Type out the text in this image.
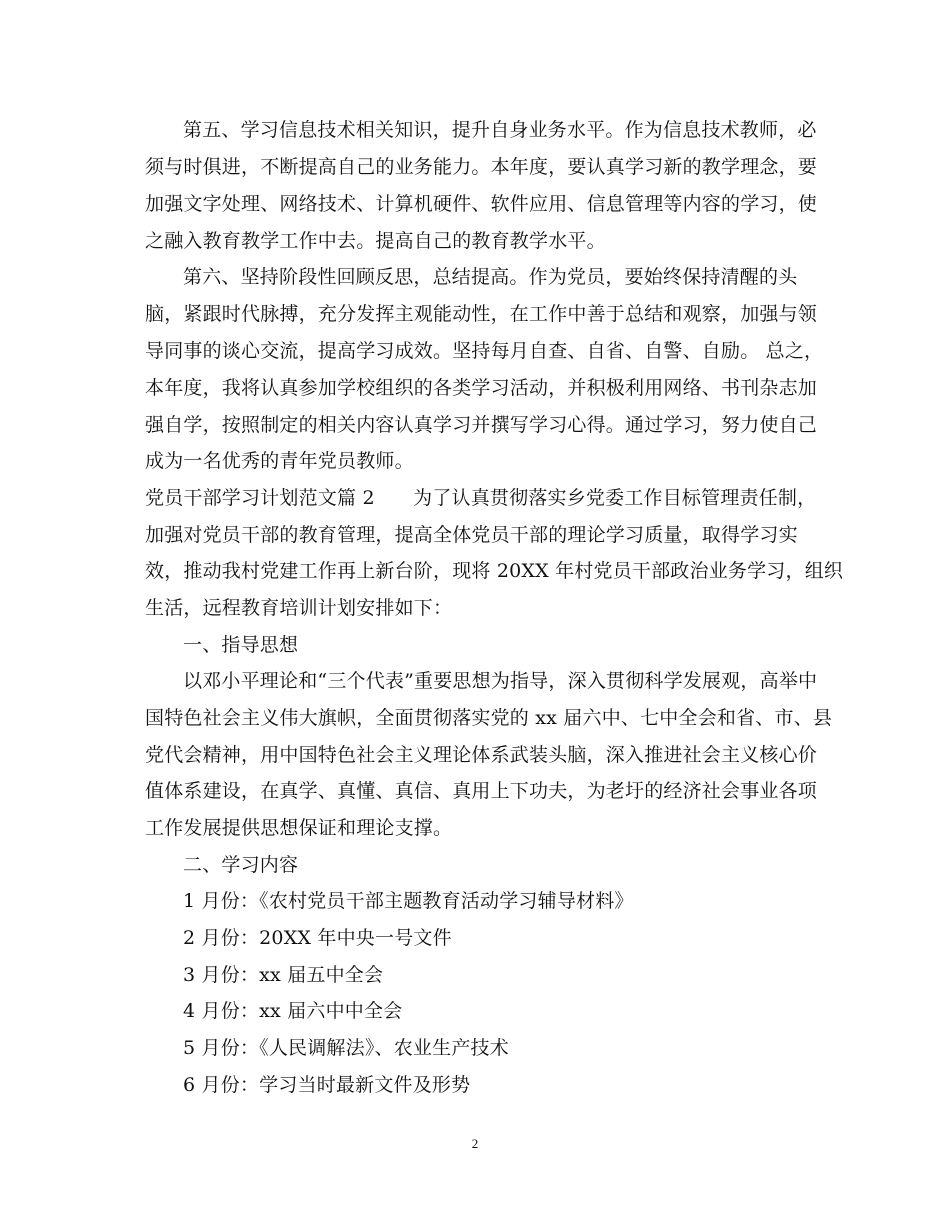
第五、学习信息技术相关知识，提升自身业务水平。作为信息技术教师，必
须与时俱进，不断提高自己的业务能力。本年度，要认真学习新的教学理念，要
加强文字处理、网络技术、计算机硬件、软件应用、信息管理等内容的学习，使
之融入教育教学工作中去。提高自己的教育教学水平。
第六、坚持阶段性回顾反思，总结提高。作为党员，要始终保持清醒的头
脑，紧跟时代脉搏，充分发挥主观能动性，在工作中善于总结和观察，加强与领
导同事的谈心交流，提高学习成效。坚持每月自查、自省、自警、自励。 总之，
本年度，我将认真参加学校组织的各类学习活动，并积极利用网络、书刊杂志加
强自学，按照制定的相关内容认真学习并撰写学习心得。通过学习，努力使自己
成为一名优秀的青年党员教师。
党员干部学习计划范文篇 2　　为了认真贯彻落实乡党委工作目标管理责任制，
加强对党员干部的教育管理，提高全体党员干部的理论学习质量，取得学习实
效，推动我村党建工作再上新台阶，现将 20XX 年村党员干部政治业务学习，组织
生活，远程教育培训计划安排如下：
一、指导思想
以邓小平理论和“三个代表”重要思想为指导，深入贯彻科学发展观，高举中
国特色社会主义伟大旗帜，全面贯彻落实党的 xx 届六中、七中全会和省、市、县
党代会精神，用中国特色社会主义理论体系武装头脑，深入推进社会主义核心价
值体系建设，在真学、真懂、真信、真用上下功夫，为老圩的经济社会事业各项
工作发展提供思想保证和理论支撑。
二、学习内容
1 月份：《农村党员干部主题教育活动学习辅导材料》
2 月份：20XX 年中央一号文件
3 月份：xx 届五中全会
4 月份：xx 届六中中全会
5 月份：《人民调解法》、农业生产技术
6 月份：学习当时最新文件及形势
2
